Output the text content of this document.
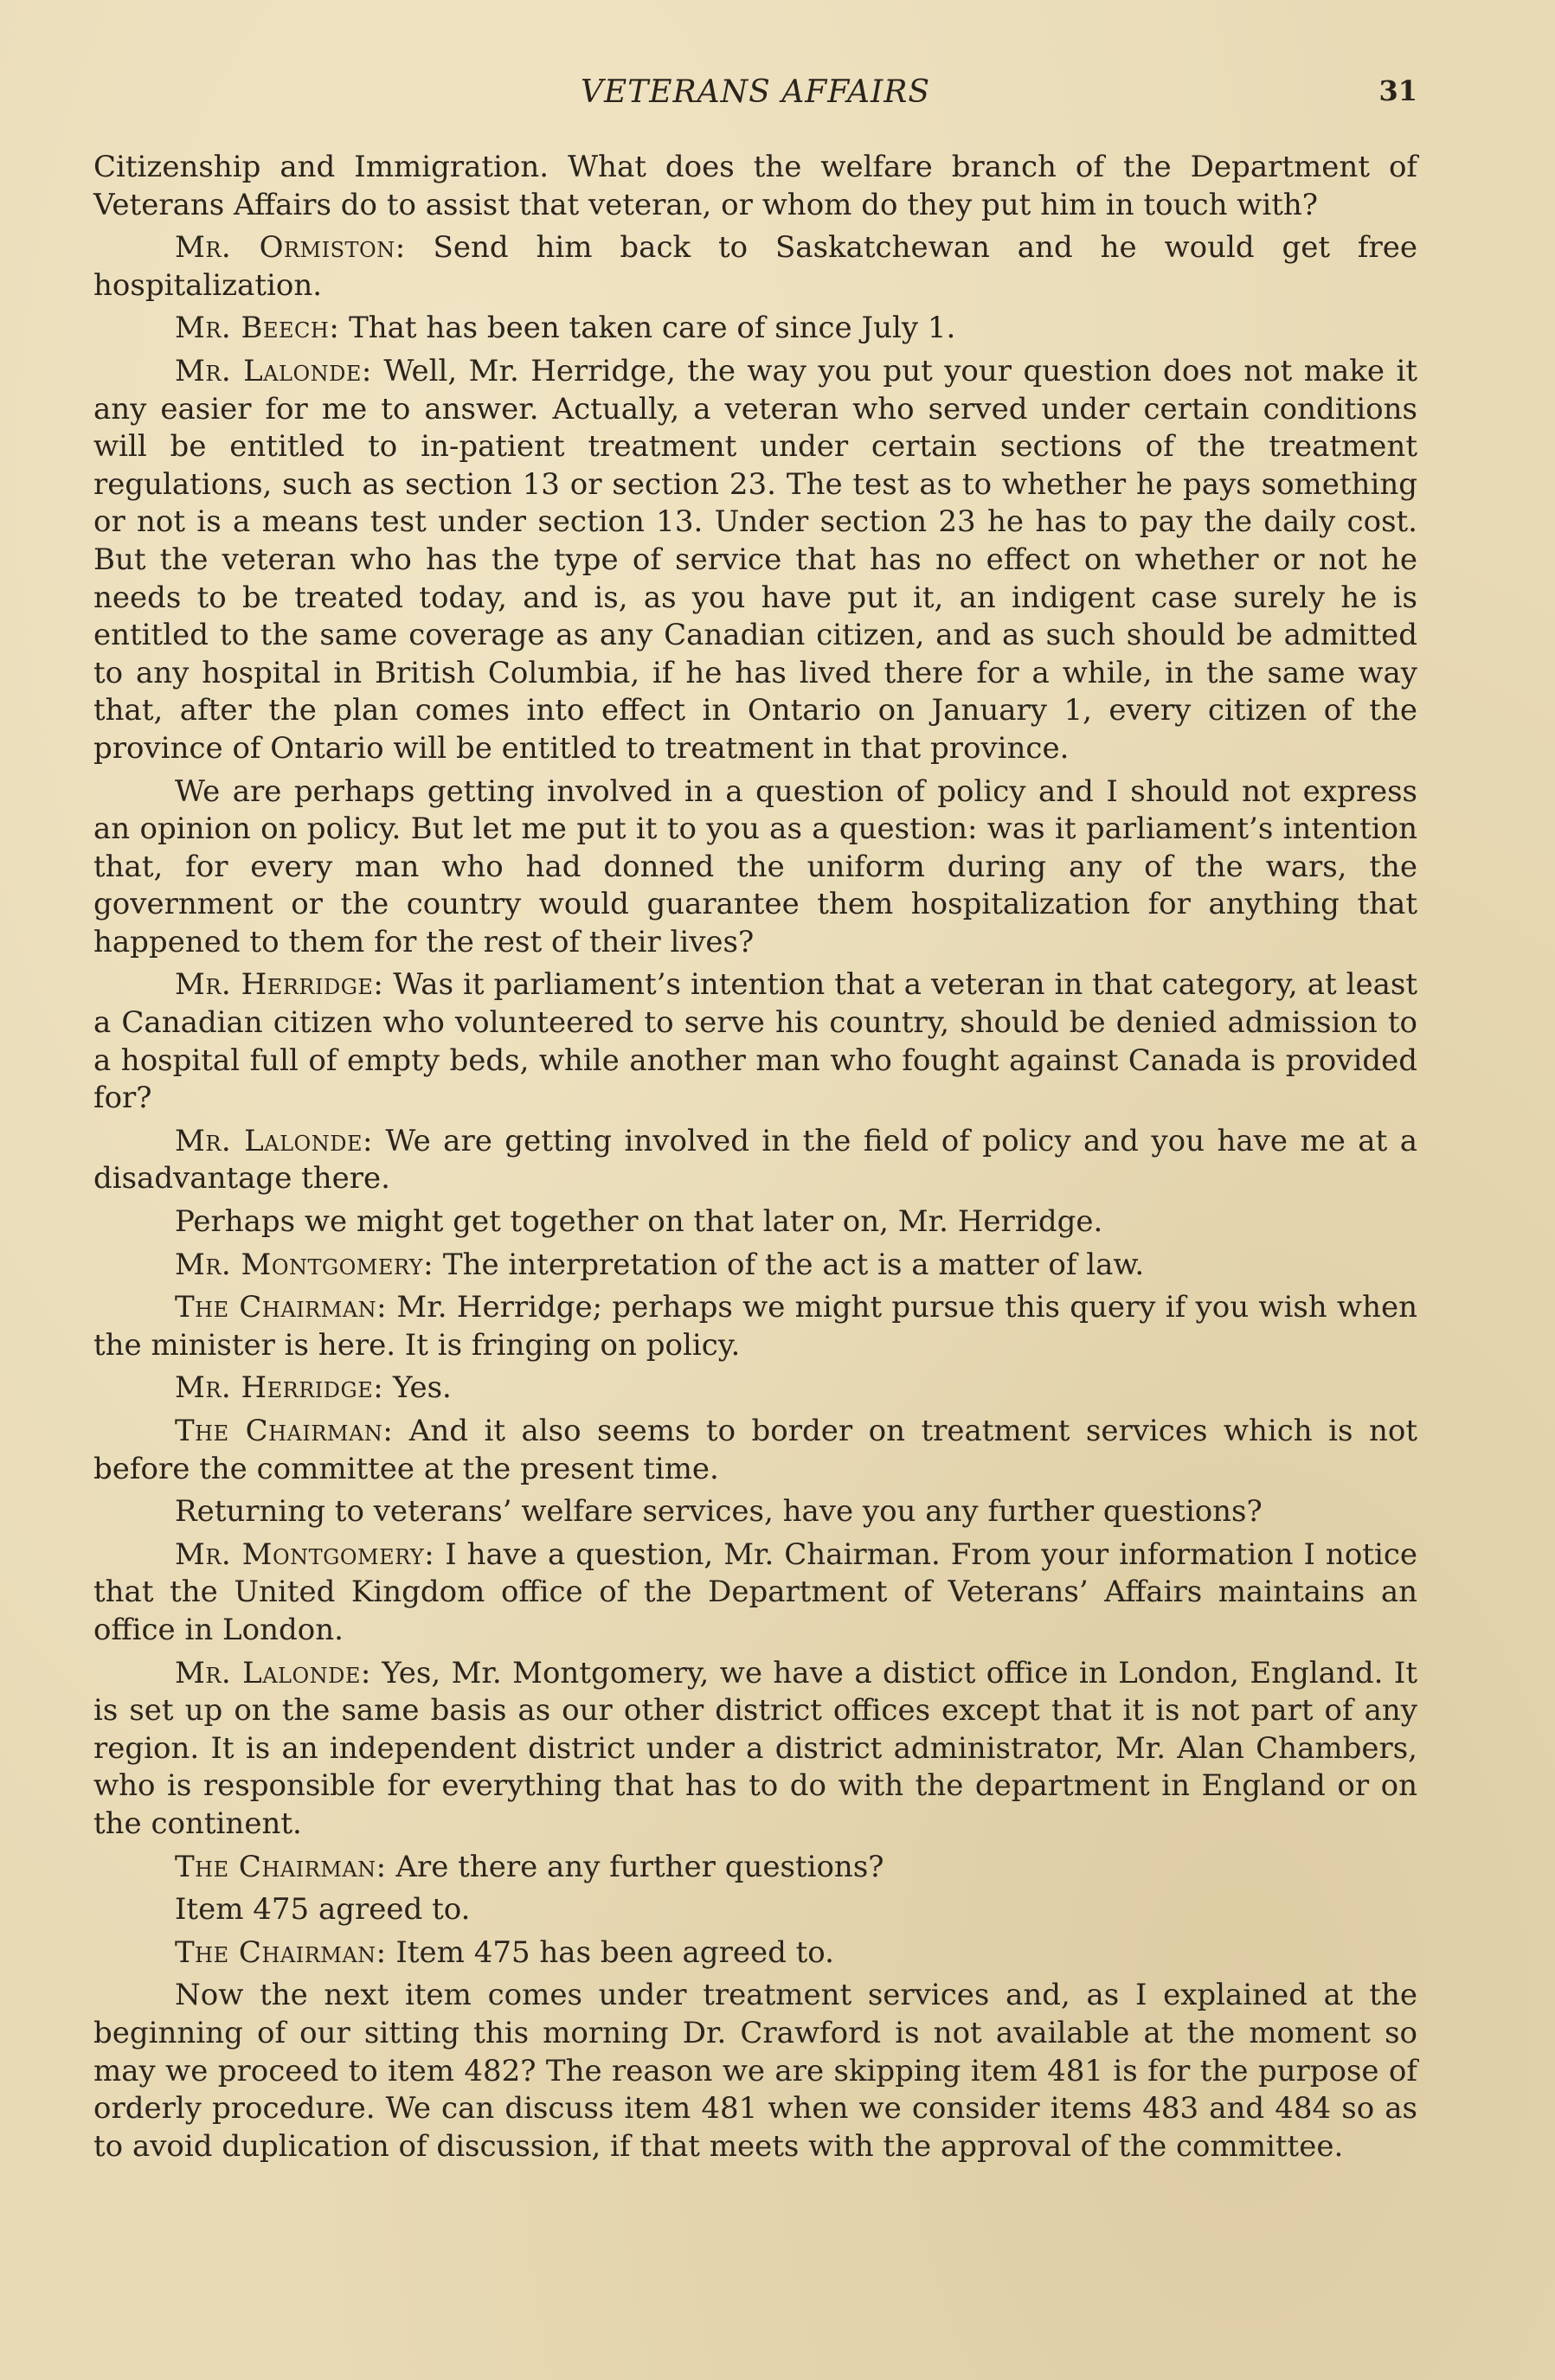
VETERANS AFFAIRS	31

Citizenship and Immigration. What does the welfare branch of the Department of Veterans Affairs do to assist that veteran, or whom do they put him in touch with?

Mr. Ormiston: Send him back to Saskatchewan and he would get free hospitalization.

Mr. Beech: That has been taken care of since July 1.

Mr. Lalonde: Well, Mr. Herridge, the way you put your question does not make it any easier for me to answer. Actually, a veteran who served under certain conditions will be entitled to in-patient treatment under certain sections of the treatment regulations, such as section 13 or section 23. The test as to whether he pays something or not is a means test under section 13. Under section 23 he has to pay the daily cost. But the veteran who has the type of service that has no effect on whether or not he needs to be treated today, and is, as you have put it, an indigent case surely he is entitled to the same coverage as any Canadian citizen, and as such should be admitted to any hospital in British Columbia, if he has lived there for a while, in the same way that, after the plan comes into effect in Ontario on January 1, every citizen of the province of Ontario will be entitled to treatment in that province.

We are perhaps getting involved in a question of policy and I should not express an opinion on policy. But let me put it to you as a question: was it parliament’s intention that, for every man who had donned the uniform during any of the wars, the government or the country would guarantee them hospitalization for anything that happened to them for the rest of their lives?

Mr. Herridge: Was it parliament’s intention that a veteran in that category, at least a Canadian citizen who volunteered to serve his country, should be denied admission to a hospital full of empty beds, while another man who fought against Canada is provided for?

Mr. Lalonde: We are getting involved in the field of policy and you have me at a disadvantage there.

Perhaps we might get together on that later on, Mr. Herridge.

Mr. Montgomery: The interpretation of the act is a matter of law.

The Chairman: Mr. Herridge; perhaps we might pursue this query if you wish when the minister is here. It is fringing on policy.

Mr. Herridge: Yes.

The Chairman: And it also seems to border on treatment services which is not before the committee at the present time.

Returning to veterans’ welfare services, have you any further questions?

Mr. Montgomery: I have a question, Mr. Chairman. From your information I notice that the United Kingdom office of the Department of Veterans’ Affairs maintains an office in London.

Mr. Lalonde: Yes, Mr. Montgomery, we have a distict office in London, England. It is set up on the same basis as our other district offices except that it is not part of any region. It is an independent district under a district administrator, Mr. Alan Chambers, who is responsible for everything that has to do with the department in England or on the continent.

The Chairman: Are there any further questions?

Item 475 agreed to.

The Chairman: Item 475 has been agreed to.

Now the next item comes under treatment services and, as I explained at the beginning of our sitting this morning Dr. Crawford is not available at the moment so may we proceed to item 482? The reason we are skipping item 481 is for the purpose of orderly procedure. We can discuss item 481 when we consider items 483 and 484 so as to avoid duplication of discussion, if that meets with the approval of the committee.
